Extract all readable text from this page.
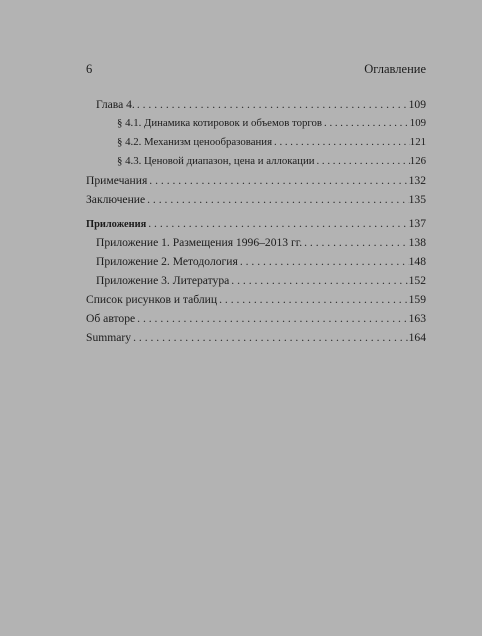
6	Оглавление
Глава 4. . . .	109
§ 4.1. Динамика котировок и объемов торгов . . .	109
§ 4.2. Механизм ценообразования . . .	121
§ 4.3. Ценовой диапазон, цена и аллокации . . .	126
Примечания . . .	132
Заключение . . .	135
Приложения . . .	137
Приложение 1. Размещения 1996–2013 гг. . . .	138
Приложение 2. Методология . . .	148
Приложение 3. Литература . . .	152
Список рисунков и таблиц . . .	159
Об авторе . . .	163
Summary . . .	164
